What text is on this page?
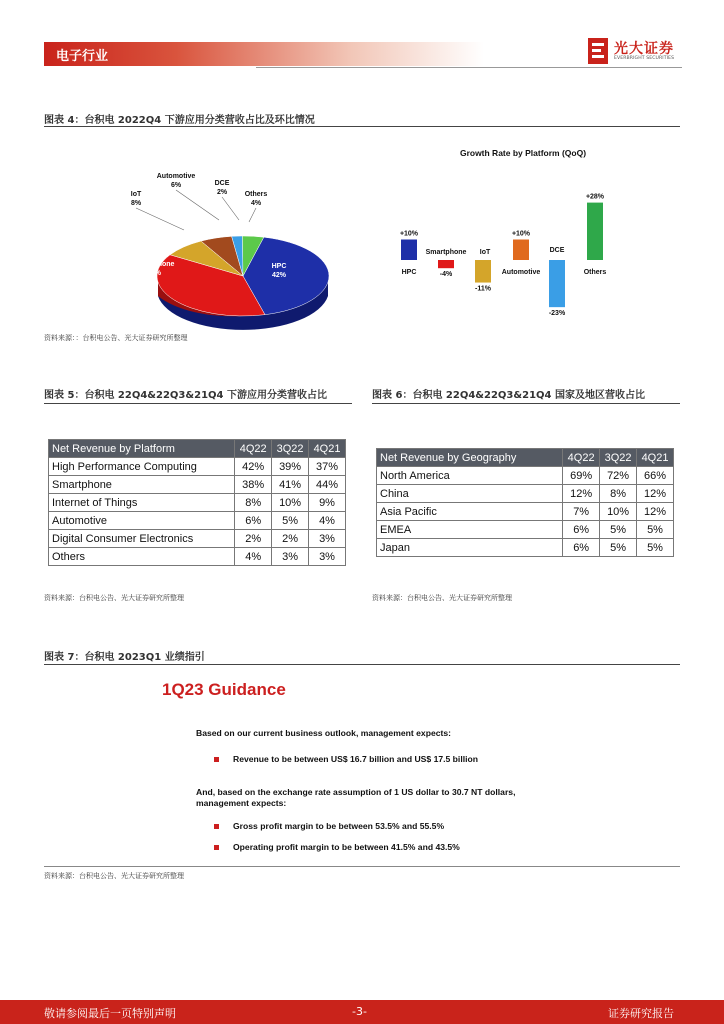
电子行业	光大证券
EVERBRIGHT SECURITIES
图表 4：台积电 2022Q4 下游应用分类营收占比及环比情况
HPC
42%
Smartphone
38%
IoT
8%
Automotive
6%	DCE
2%	Others
4%
Growth Rate by Platform (QoQ)
+10%
HPC	-4%
Smartphone
-11%
IoT
+10%
Automotive
-23%
DCE
+28%
Others
资料来源：：台积电公告、光大证券研究所整理
图表 5：台积电 22Q4&22Q3&21Q4 下游应用分类营收占比
Net Revenue by Platform	4Q22	3Q22	4Q21
High Performance Computing	42%	39%	37%
Smartphone	38%	41%	44%
Internet of Things	8%	10%	9%
Automotive	6%	5%	4%
Digital Consumer Electronics	2%	2%	3%
Others	4%	3%	3%
资料来源：台积电公告、光大证券研究所整理
图表 6：台积电 22Q4&22Q3&21Q4 国家及地区营收占比
Net Revenue by Geography	4Q22	3Q22	4Q21
North America	69%	72%	66%
China	12%	8%	12%
Asia Pacific	7%	10%	12%
EMEA	6%	5%	5%
Japan	6%	5%	5%
资料来源：台积电公告、光大证券研究所整理
图表 7：台积电 2023Q1 业绩指引
1Q23 Guidance
Based on our current business outlook, management expects:
Revenue to be between US$ 16.7 billion and US$ 17.5 billion
And, based on the exchange rate assumption of 1 US dollar to 30.7 NT dollars,
management expects:
Gross profit margin to be between 53.5% and 55.5%
Operating profit margin to be between 41.5% and 43.5%
资料来源：台积电公告、光大证券研究所整理
敬请参阅最后一页特别声明	-3-	证券研究报告
